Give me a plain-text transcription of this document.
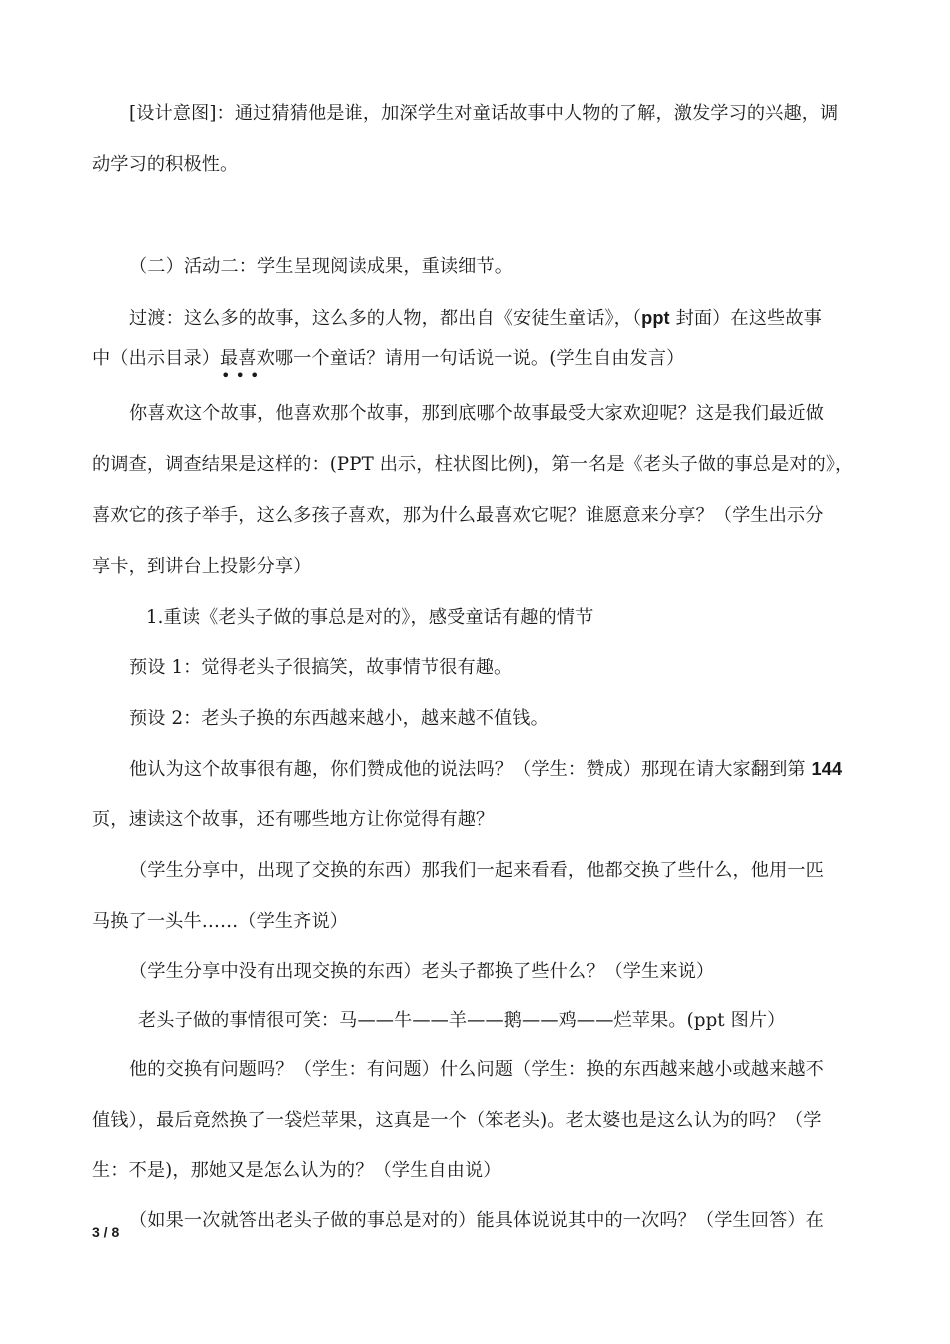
[设计意图]：通过猜猜他是谁，加深学生对童话故事中人物的了解，激发学习的兴趣，调
动学习的积极性。
（二）活动二：学生呈现阅读成果，重读细节。
过渡：这么多的故事，这么多的人物，都出自《安徒生童话》，（ppt 封面）在这些故事
中（出示目录）最喜欢哪一个童话？请用一句话说一说。(学生自由发言）
• • •
你喜欢这个故事，他喜欢那个故事，那到底哪个故事最受大家欢迎呢？这是我们最近做
的调查，调查结果是这样的：(PPT 出示，柱状图比例)，第一名是《老头子做的事总是对的》，
喜欢它的孩子举手，这么多孩子喜欢，那为什么最喜欢它呢？谁愿意来分享？（学生出示分
享卡，到讲台上投影分享）
1.重读《老头子做的事总是对的》，感受童话有趣的情节
预设 1：觉得老头子很搞笑，故事情节很有趣。
预设 2：老头子换的东西越来越小，越来越不值钱。
他认为这个故事很有趣，你们赞成他的说法吗？（学生：赞成）那现在请大家翻到第 144
页，速读这个故事，还有哪些地方让你觉得有趣？
（学生分享中，出现了交换的东西）那我们一起来看看，他都交换了些什么，他用一匹
马换了一头牛……（学生齐说）
（学生分享中没有出现交换的东西）老头子都换了些什么？（学生来说）
老头子做的事情很可笑：马——牛——羊——鹅——鸡——烂苹果。(ppt 图片）
他的交换有问题吗？（学生：有问题）什么问题（学生：换的东西越来越小或越来越不
值钱），最后竟然换了一袋烂苹果，这真是一个（笨老头)。老太婆也是这么认为的吗？（学
生：不是)，那她又是怎么认为的？（学生自由说）
（如果一次就答出老头子做的事总是对的）能具体说说其中的一次吗？（学生回答）在
3 / 8
